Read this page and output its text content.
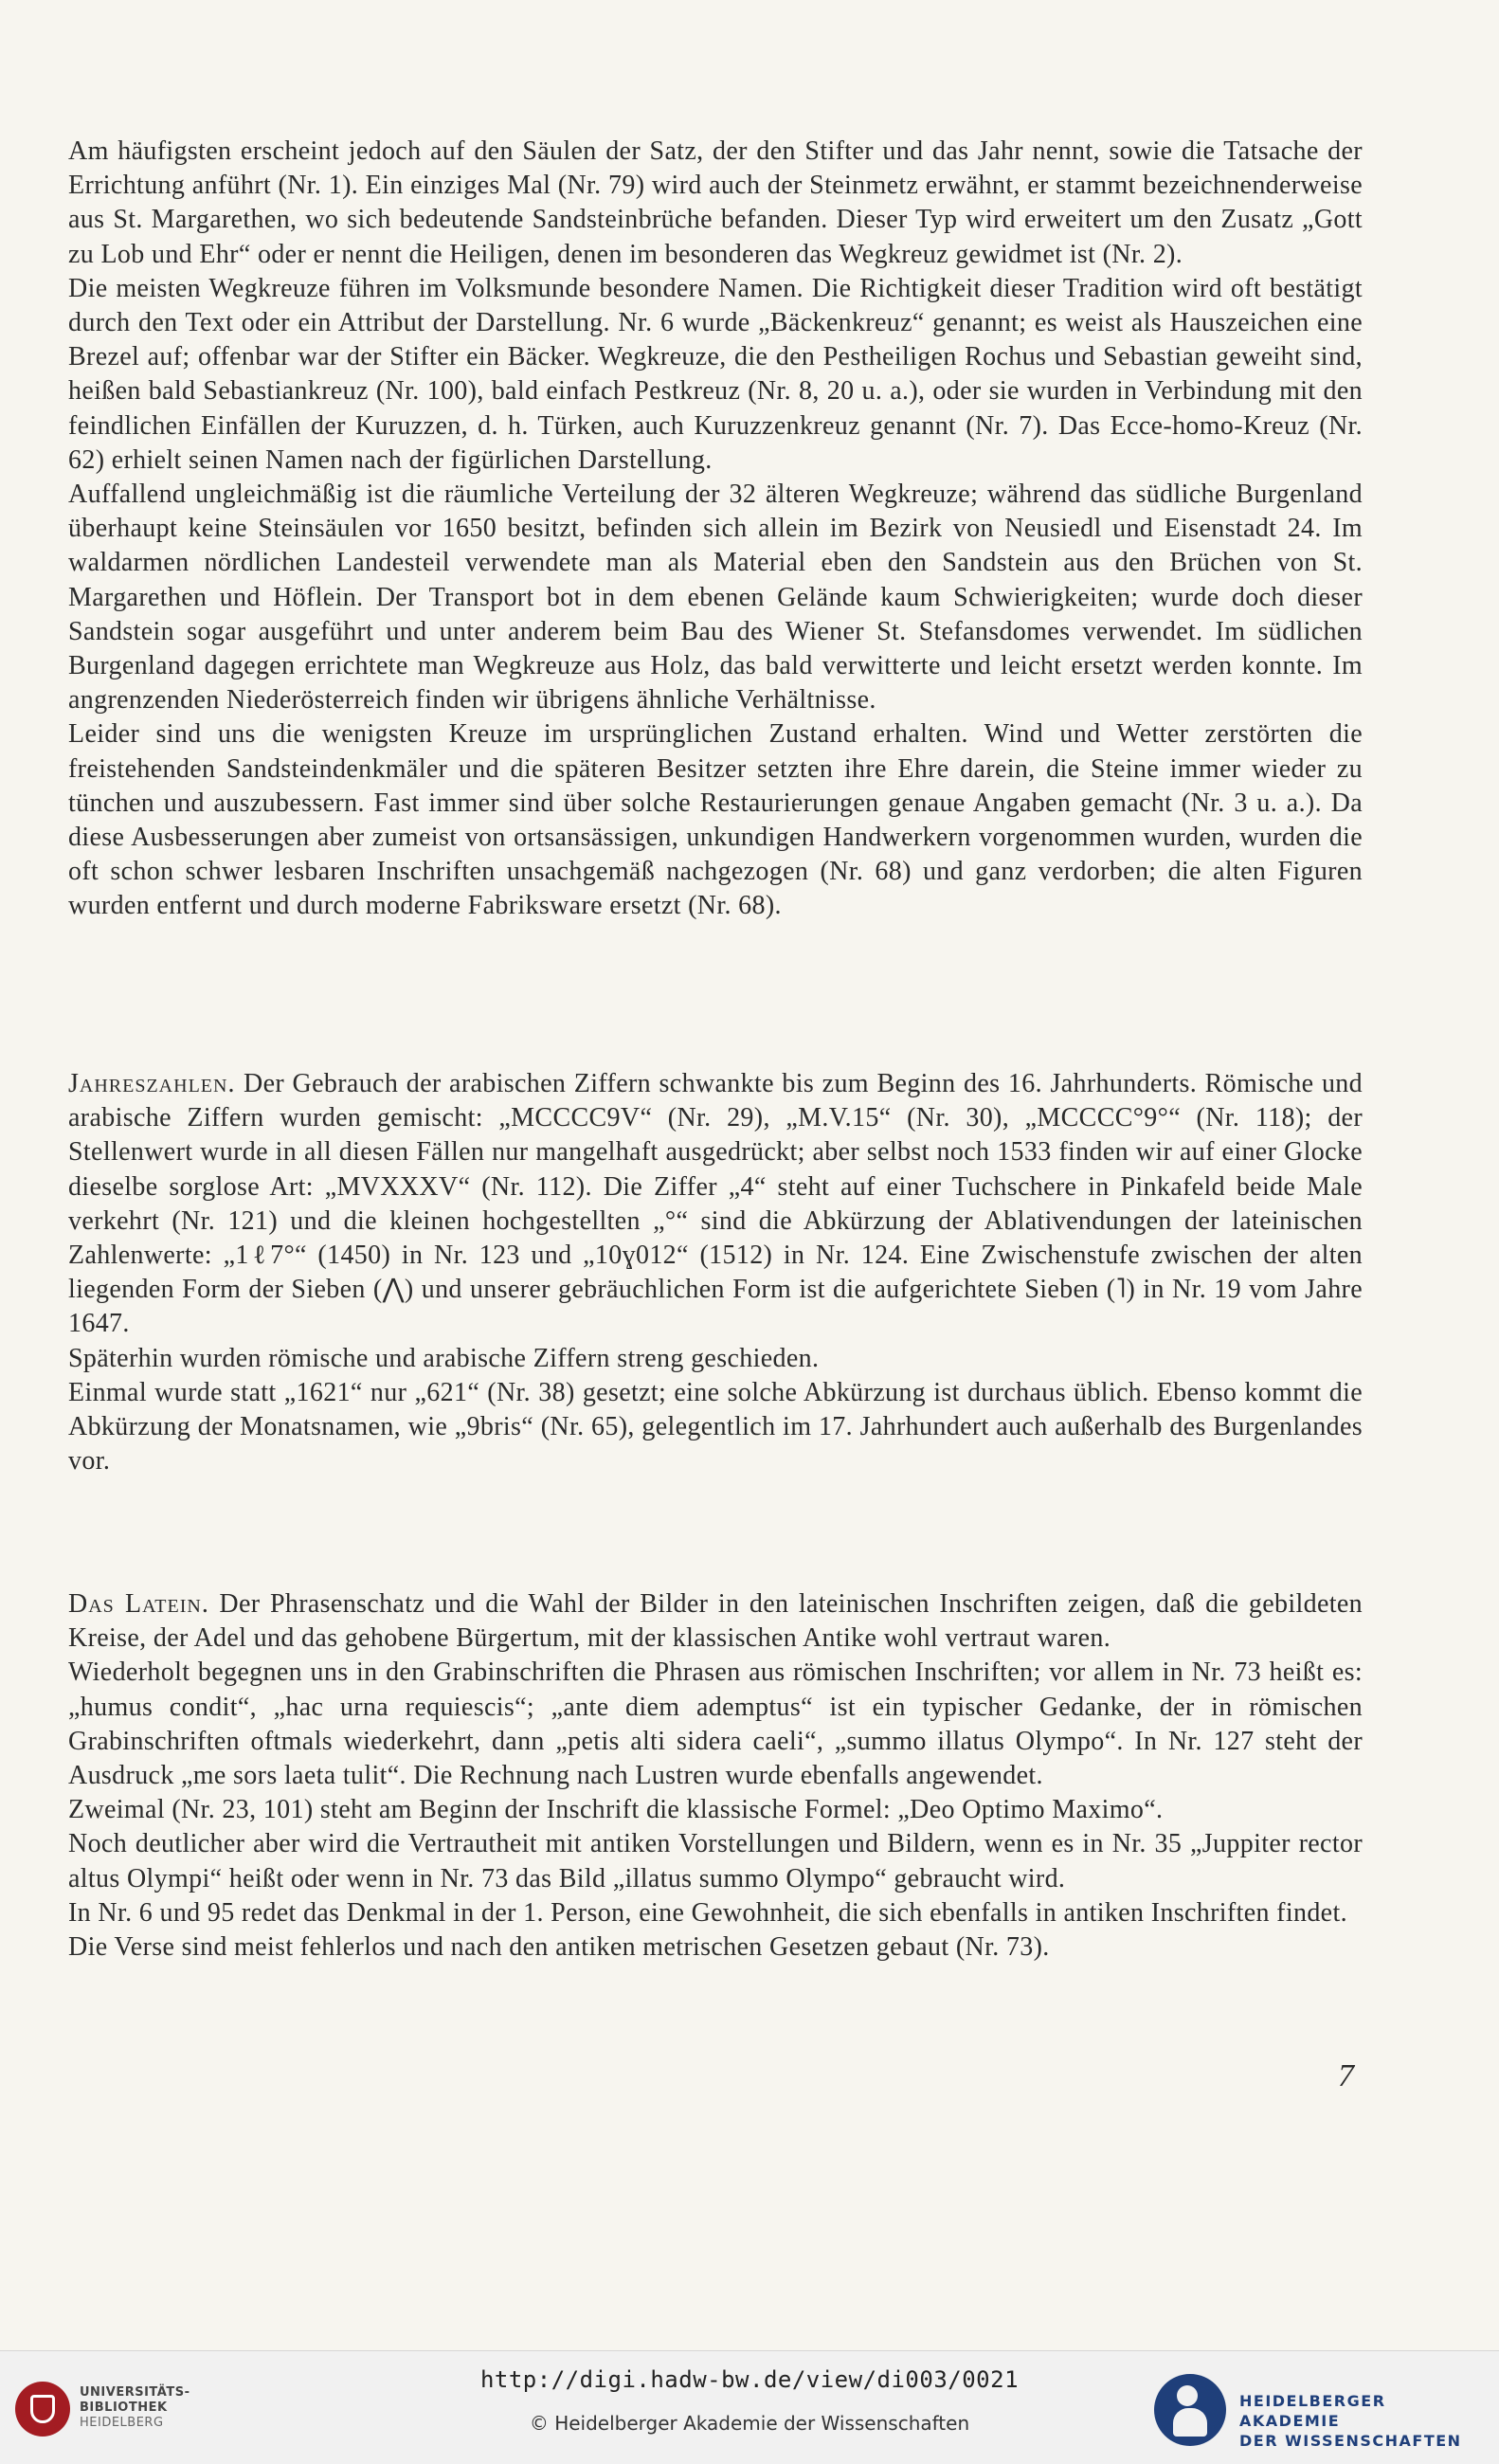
Am häufigsten erscheint jedoch auf den Säulen der Satz, der den Stifter und das Jahr nennt, sowie die Tatsache der Errichtung anführt (Nr. 1). Ein einziges Mal (Nr. 79) wird auch der Steinmetz erwähnt, er stammt bezeichnenderweise aus St. Margarethen, wo sich bedeutende Sandsteinbrüche befanden. Dieser Typ wird erweitert um den Zusatz „Gott zu Lob und Ehr“ oder er nennt die Heiligen, denen im besonderen das Wegkreuz gewidmet ist (Nr. 2).

Die meisten Wegkreuze führen im Volksmunde besondere Namen. Die Richtigkeit dieser Tradition wird oft bestätigt durch den Text oder ein Attribut der Darstellung. Nr. 6 wurde „Bäckenkreuz“ genannt; es weist als Hauszeichen eine Brezel auf; offenbar war der Stifter ein Bäcker. Wegkreuze, die den Pestheiligen Rochus und Sebastian geweiht sind, heißen bald Sebastiankreuz (Nr. 100), bald einfach Pestkreuz (Nr. 8, 20 u. a.), oder sie wurden in Verbindung mit den feindlichen Einfällen der Kuruzzen, d. h. Türken, auch Kuruzzenkreuz genannt (Nr. 7). Das Ecce-homo-Kreuz (Nr. 62) erhielt seinen Namen nach der figürlichen Darstellung.

Auffallend ungleichmäßig ist die räumliche Verteilung der 32 älteren Wegkreuze; während das südliche Burgenland überhaupt keine Steinsäulen vor 1650 besitzt, befinden sich allein im Bezirk von Neusiedl und Eisenstadt 24. Im waldarmen nördlichen Landesteil verwendete man als Material eben den Sandstein aus den Brüchen von St. Margarethen und Höflein. Der Transport bot in dem ebenen Gelände kaum Schwierigkeiten; wurde doch dieser Sandstein sogar ausgeführt und unter anderem beim Bau des Wiener St. Stefansdomes verwendet. Im südlichen Burgenland dagegen errichtete man Wegkreuze aus Holz, das bald verwitterte und leicht ersetzt werden konnte. Im angrenzenden Niederösterreich finden wir übrigens ähnliche Verhältnisse.

Leider sind uns die wenigsten Kreuze im ursprünglichen Zustand erhalten. Wind und Wetter zerstörten die freistehenden Sandsteindenkmäler und die späteren Besitzer setzten ihre Ehre darein, die Steine immer wieder zu tünchen und auszubessern. Fast immer sind über solche Restaurierungen genaue Angaben gemacht (Nr. 3 u. a.). Da diese Ausbesserungen aber zumeist von ortsansässigen, unkundigen Handwerkern vorgenommen wurden, wurden die oft schon schwer lesbaren Inschriften unsachgemäß nachgezogen (Nr. 68) und ganz verdorben; die alten Figuren wurden entfernt und durch moderne Fabriksware ersetzt (Nr. 68).

Jahreszahlen. Der Gebrauch der arabischen Ziffern schwankte bis zum Beginn des 16. Jahrhunderts. Römische und arabische Ziffern wurden gemischt: „MCCCC9V“ (Nr. 29), „M.V.15“ (Nr. 30), „MCCCC°9°“ (Nr. 118); der Stellenwert wurde in all diesen Fällen nur mangelhaft ausgedrückt; aber selbst noch 1533 finden wir auf einer Glocke dieselbe sorglose Art: „MVXXXV“ (Nr. 112). Die Ziffer „4“ steht auf einer Tuchschere in Pinkafeld beide Male verkehrt (Nr. 121) und die kleinen hochgestellten „°“ sind die Abkürzung der Ablativendungen der lateinischen Zahlenwerte: „1ℓ7°“ (1450) in Nr. 123 und „10ɣ012“ (1512) in Nr. 124. Eine Zwischenstufe zwischen der alten liegenden Form der Sieben (⋀) und unserer gebräuchlichen Form ist die aufgerichtete Sieben (˥) in Nr. 19 vom Jahre 1647.

Späterhin wurden römische und arabische Ziffern streng geschieden.

Einmal wurde statt „1621“ nur „621“ (Nr. 38) gesetzt; eine solche Abkürzung ist durchaus üblich. Ebenso kommt die Abkürzung der Monatsnamen, wie „9bris“ (Nr. 65), gelegentlich im 17. Jahrhundert auch außerhalb des Burgenlandes vor.

Das Latein. Der Phrasenschatz und die Wahl der Bilder in den lateinischen Inschriften zeigen, daß die gebildeten Kreise, der Adel und das gehobene Bürgertum, mit der klassischen Antike wohl vertraut waren.

Wiederholt begegnen uns in den Grabinschriften die Phrasen aus römischen Inschriften; vor allem in Nr. 73 heißt es: „humus condit“, „hac urna requiescis“; „ante diem ademptus“ ist ein typischer Gedanke, der in römischen Grabinschriften oftmals wiederkehrt, dann „petis alti sidera caeli“, „summo illatus Olympo“. In Nr. 127 steht der Ausdruck „me sors laeta tulit“. Die Rechnung nach Lustren wurde ebenfalls angewendet.

Zweimal (Nr. 23, 101) steht am Beginn der Inschrift die klassische Formel: „Deo Optimo Maximo“.

Noch deutlicher aber wird die Vertrautheit mit antiken Vorstellungen und Bildern, wenn es in Nr. 35 „Juppiter rector altus Olympi“ heißt oder wenn in Nr. 73 das Bild „illatus summo Olympo“ gebraucht wird.

In Nr. 6 und 95 redet das Denkmal in der 1. Person, eine Gewohnheit, die sich ebenfalls in antiken Inschriften findet.

Die Verse sind meist fehlerlos und nach den antiken metrischen Gesetzen gebaut (Nr. 73).

7
UNIVERSITÄTS-
BIBLIOTHEK
HEIDELBERG
http://digi.hadw-bw.de/view/di003/0021
© Heidelberger Akademie der Wissenschaften
HEIDELBERGER AKADEMIE
DER WISSENSCHAFTEN
